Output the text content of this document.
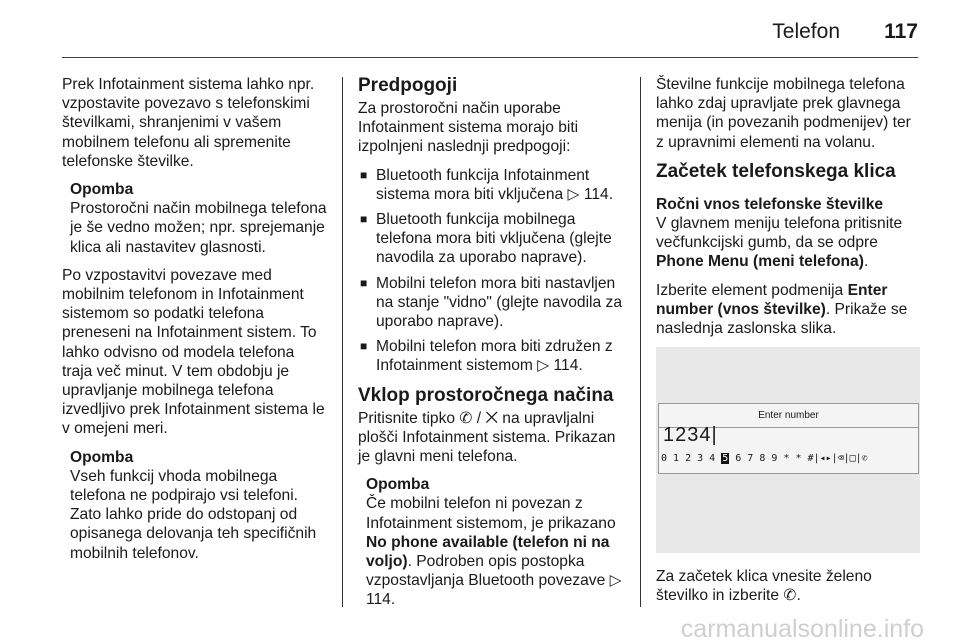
Telefon 117

Prek Infotainment sistema lahko npr. vzpostavite povezavo s telefonskimi številkami, shranjenimi v vašem mobilnem telefonu ali spremenite telefonske številke.

Opomba
Prostoročni način mobilnega telefona je še vedno možen; npr. sprejemanje klica ali nastavitev glasnosti.

Po vzpostavitvi povezave med mobilnim telefonom in Infotainment sistemom so podatki telefona preneseni na Infotainment sistem. To lahko odvisno od modela telefona traja več minut. V tem obdobju je upravljanje mobilnega telefona izvedljivo prek Infotainment sistema le v omejeni meri.

Opomba
Vseh funkcij vhoda mobilnega telefona ne podpirajo vsi telefoni. Zato lahko pride do odstopanj od opisanega delovanja teh specifičnih mobilnih telefonov.
Predpogoji

Za prostoročni način uporabe Infotainment sistema morajo biti izpolnjeni naslednji predpogoji:

■ Bluetooth funkcija Infotainment sistema mora biti vključena ▷ 114.
■ Bluetooth funkcija mobilnega telefona mora biti vključena (glejte navodila za uporabo naprave).
■ Mobilni telefon mora biti nastavljen na stanje "vidno" (glejte navodila za uporabo naprave).
■ Mobilni telefon mora biti združen z Infotainment sistemom ▷ 114.
Vklop prostoročnega načina

Pritisnite tipko ✆ / ⨉ na upravljalni plošči Infotainment sistema. Prikazan je glavni meni telefona.

Opomba
Če mobilni telefon ni povezan z Infotainment sistemom, je prikazano No phone available (telefon ni na voljo). Podroben opis postopka vzpostavljanja Bluetooth povezave ▷ 114.

Številne funkcije mobilnega telefona lahko zdaj upravljate prek glavnega menija (in povezanih podmenijev) ter z upravnimi elementi na volanu.

Začetek telefonskega klica
Ročni vnos telefonske številke

V glavnem meniju telefona pritisnite večfunkcijski gumb, da se odpre Phone Menu (meni telefona).

Izberite element podmenija Enter number (vnos številke). Prikaže se naslednja zaslonska slika.

Enter number
1234|
0 1 2 3 4 5 6 7 8 9 * * #|◂▸|⌫|□|✆

Za začetek klica vnesite želeno številko in izberite ✆.

carmanualsonline.info
